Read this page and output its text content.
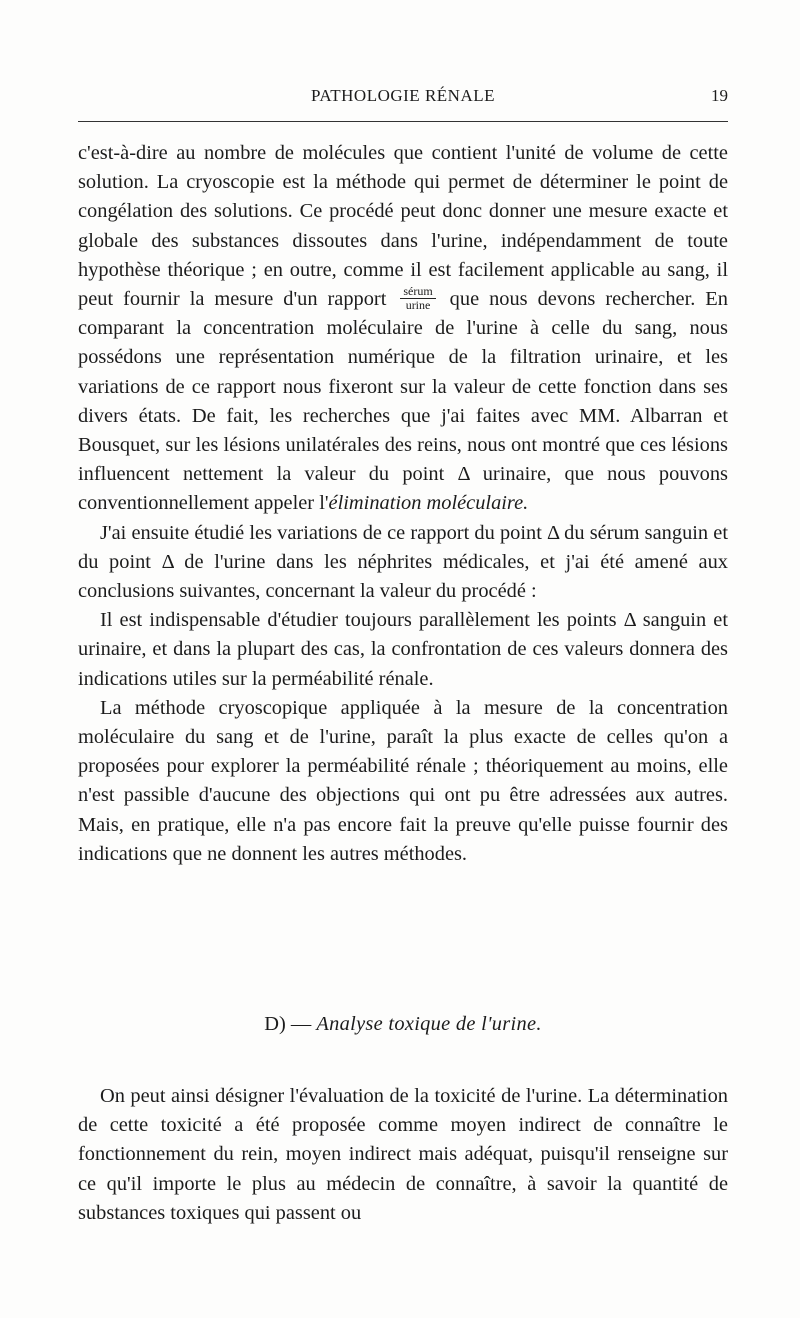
PATHOLOGIE RÉNALE	19

c'est-à-dire au nombre de molécules que contient l'unité de volume de cette solution. La cryoscopie est la méthode qui permet de déterminer le point de congélation des solutions. Ce procédé peut donc donner une mesure exacte et globale des substances dissoutes dans l'urine, indépendamment de toute hypothèse théorique ; en outre, comme il est facilement applicable au sang, il peut fournir la mesure d'un rapport $\frac{\text{sérum}}{\text{urine}}$ que nous devons rechercher. En comparant la concentration moléculaire de l'urine à celle du sang, nous possédons une représentation numérique de la filtration urinaire, et les variations de ce rapport nous fixeront sur la valeur de cette fonction dans ses divers états. De fait, les recherches que j'ai faites avec MM. Albarran et Bousquet, sur les lésions unilatérales des reins, nous ont montré que ces lésions influencent nettement la valeur du point Δ urinaire, que nous pouvons conventionnellement appeler l'élimination moléculaire.

J'ai ensuite étudié les variations de ce rapport du point Δ du sérum sanguin et du point Δ de l'urine dans les néphrites médicales, et j'ai été amené aux conclusions suivantes, concernant la valeur du procédé :

Il est indispensable d'étudier toujours parallèlement les points Δ sanguin et urinaire, et dans la plupart des cas, la confrontation de ces valeurs donnera des indications utiles sur la perméabilité rénale.

La méthode cryoscopique appliquée à la mesure de la concentration moléculaire du sang et de l'urine, paraît la plus exacte de celles qu'on a proposées pour explorer la perméabilité rénale ; théoriquement au moins, elle n'est passible d'aucune des objections qui ont pu être adressées aux autres. Mais, en pratique, elle n'a pas encore fait la preuve qu'elle puisse fournir des indications que ne donnent les autres méthodes.

D) — Analyse toxique de l'urine.

On peut ainsi désigner l'évaluation de la toxicité de l'urine. La détermination de cette toxicité a été proposée comme moyen indirect de connaître le fonctionnement du rein, moyen indirect mais adéquat, puisqu'il renseigne sur ce qu'il importe le plus au médecin de connaître, à savoir la quantité de substances toxiques qui passent ou
